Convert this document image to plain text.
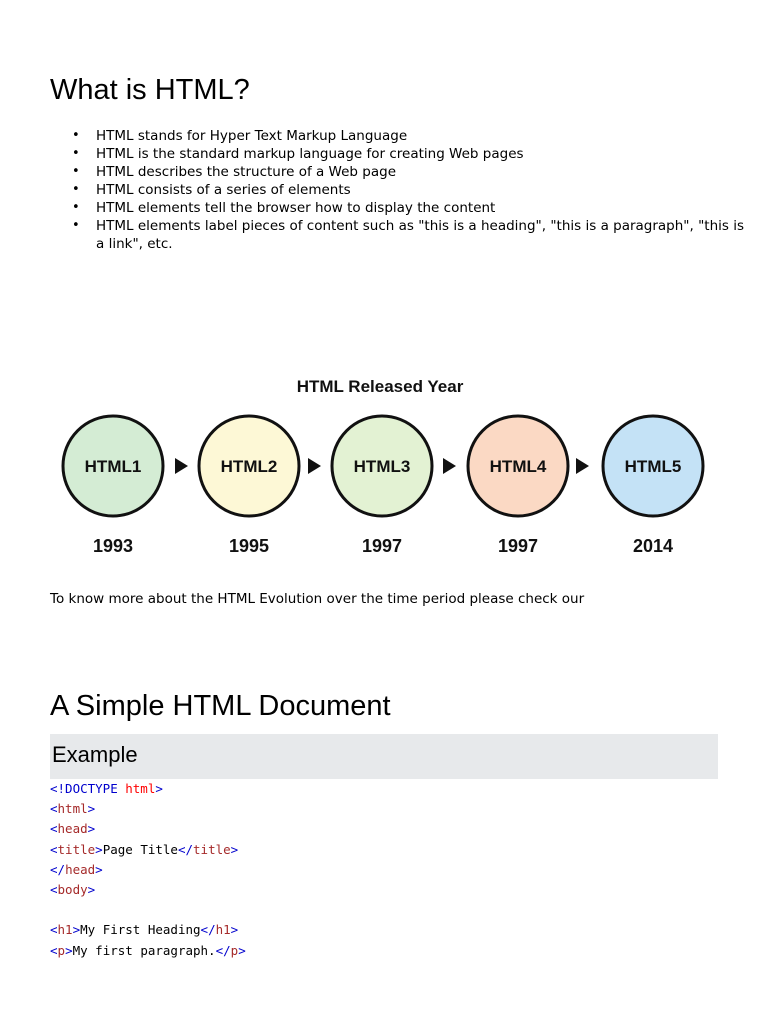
What is HTML?
• HTML stands for Hyper Text Markup Language
• HTML is the standard markup language for creating Web pages
• HTML describes the structure of a Web page
• HTML consists of a series of elements
• HTML elements tell the browser how to display the content
• HTML elements label pieces of content such as "this is a heading", "this is a paragraph", "this is a link", etc.
HTML Released Year
HTML1
1993
HTML2
1995
HTML3
1997
HTML4
1997
HTML5
2014

To know more about the HTML Evolution over the time period please check our

A Simple HTML Document
Example
<!DOCTYPE html>
<html>
<head>
<title>Page Title</title>
</head>
<body>

<h1>My First Heading</h1>
<p>My first paragraph.</p>
